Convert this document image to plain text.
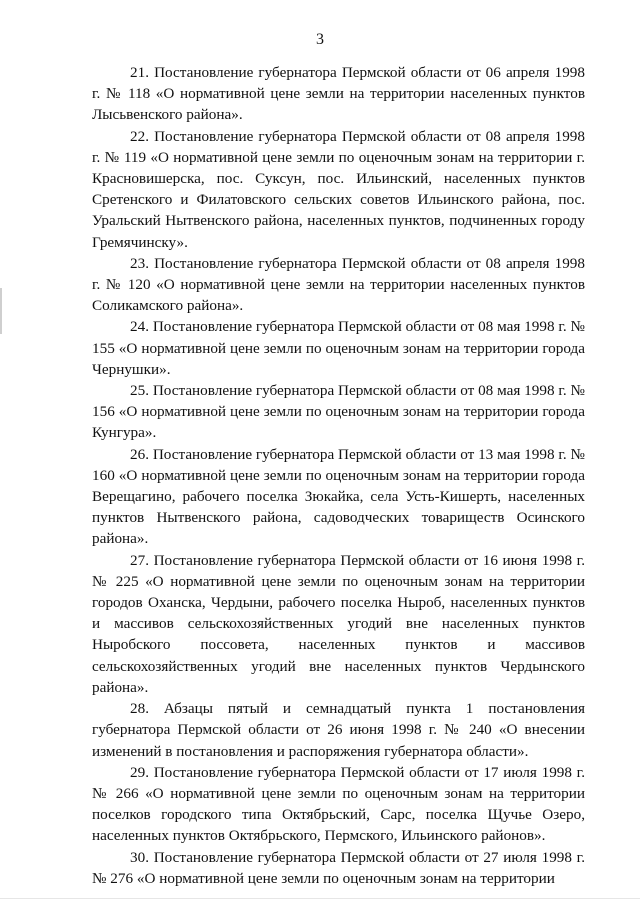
3

21. Постановление губернатора Пермской области от 06 апреля 1998 г. № 118 «О нормативной цене земли на территории населенных пунктов Лысьвенского района».

22. Постановление губернатора Пермской области от 08 апреля 1998 г. № 119 «О нормативной цене земли по оценочным зонам на территории г. Красновишерска, пос. Суксун, пос. Ильинский, населенных пунктов Сретенского и Филатовского сельских советов Ильинского района, пос. Уральский Нытвенского района, населенных пунктов, подчиненных городу Гремячинску».

23. Постановление губернатора Пермской области от 08 апреля 1998 г. № 120 «О нормативной цене земли на территории населенных пунктов Соликамского района».

24. Постановление губернатора Пермской области от 08 мая 1998 г. № 155 «О нормативной цене земли по оценочным зонам на территории города Чернушки».

25. Постановление губернатора Пермской области от 08 мая 1998 г. № 156 «О нормативной цене земли по оценочным зонам на территории города Кунгура».

26. Постановление губернатора Пермской области от 13 мая 1998 г. № 160 «О нормативной цене земли по оценочным зонам на территории города Верещагино, рабочего поселка Зюкайка, села Усть-Кишерть, населенных пунктов Нытвенского района, садоводческих товариществ Осинского района».

27. Постановление губернатора Пермской области от 16 июня 1998 г. № 225 «О нормативной цене земли по оценочным зонам на территории городов Оханска, Чердыни, рабочего поселка Ныроб, населенных пунктов и массивов сельскохозяйственных угодий вне населенных пунктов Ныробского поссовета, населенных пунктов и массивов сельскохозяйственных угодий вне населенных пунктов Чердынского района».

28. Абзацы пятый и семнадцатый пункта 1 постановления губернатора Пермской области от 26 июня 1998 г. № 240 «О внесении изменений в постановления и распоряжения губернатора области».

29. Постановление губернатора Пермской области от 17 июля 1998 г. № 266 «О нормативной цене земли по оценочным зонам на территории поселков городского типа Октябрьский, Сарс, поселка Щучье Озеро, населенных пунктов Октябрьского, Пермского, Ильинского районов».

30. Постановление губернатора Пермской области от 27 июля 1998 г. № 276 «О нормативной цене земли по оценочным зонам на территории
